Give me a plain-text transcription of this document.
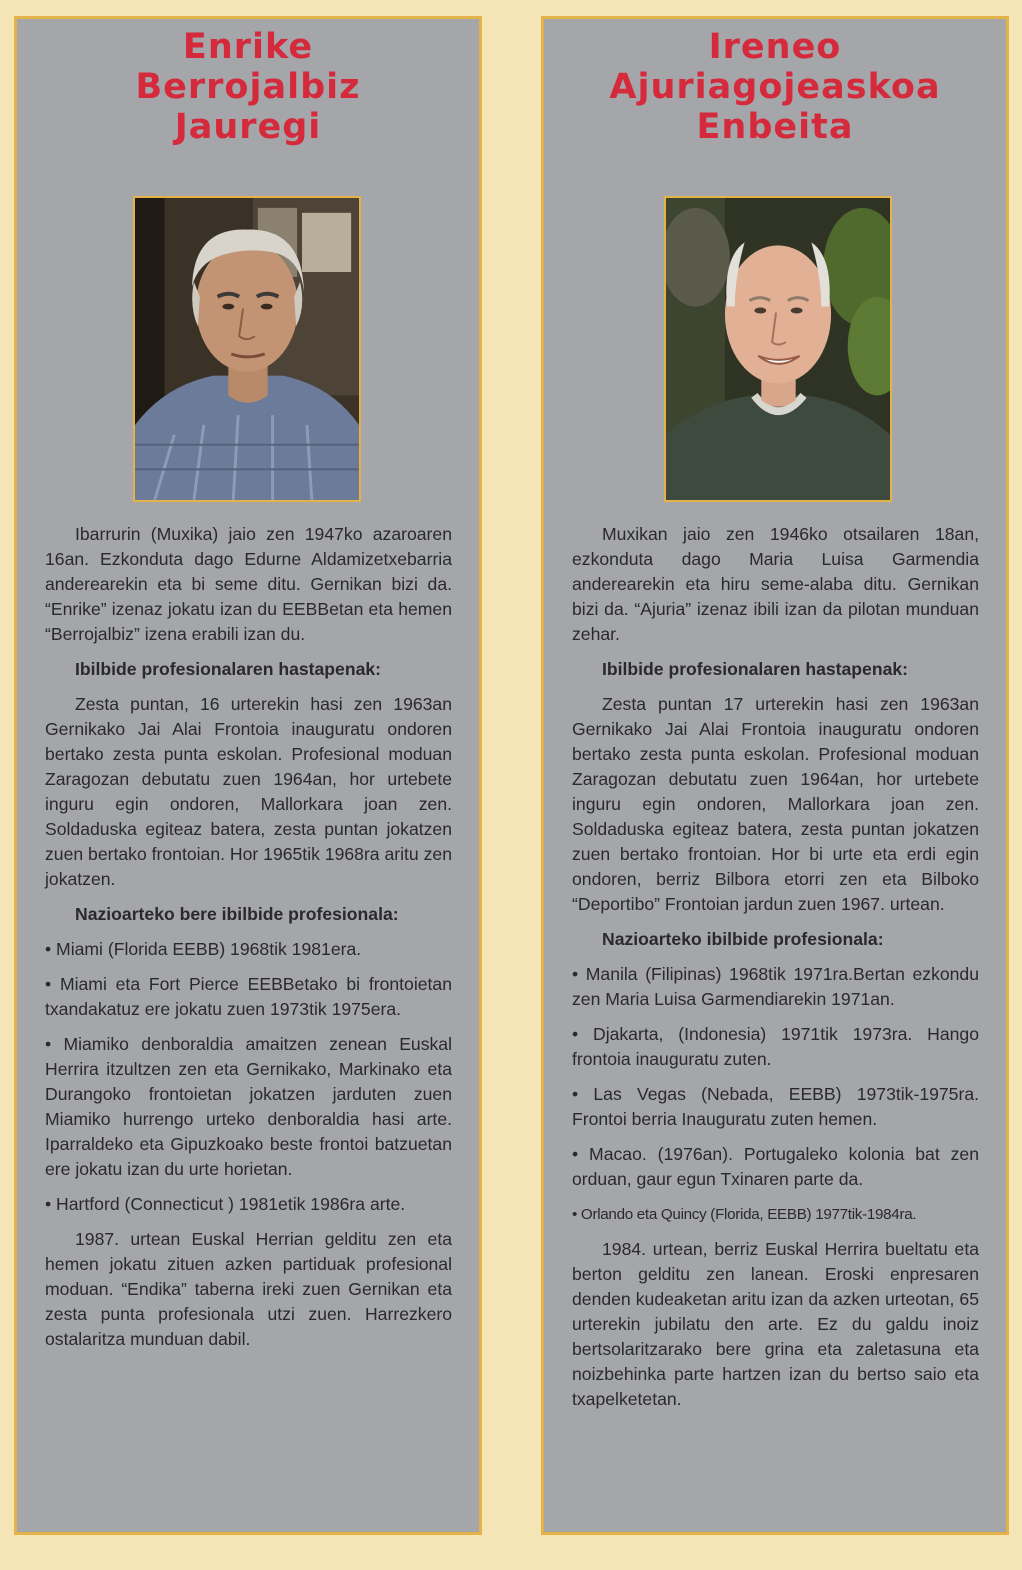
Enrike
Berrojalbiz
Jauregi

Ibarrurin (Muxika) jaio zen 1947ko azaroaren 16an. Ezkonduta dago Edurne Aldamizetxebarria anderearekin eta bi seme ditu. Gernikan bizi da. “Enrike” izenaz jokatu izan du EEBBetan eta hemen “Berrojalbiz” izena erabili izan du.

Ibilbide profesionalaren hastapenak:

Zesta puntan, 16 urterekin hasi zen 1963an Gernikako Jai Alai Frontoia inauguratu ondoren bertako zesta punta eskolan. Profesional moduan Zaragozan debutatu zuen 1964an, hor urtebete inguru egin ondoren, Mallorkara joan zen. Soldaduska egiteaz batera, zesta puntan jokatzen zuen bertako frontoian. Hor 1965tik 1968ra aritu zen jokatzen.

Nazioarteko bere ibilbide profesionala:

• Miami (Florida EEBB) 1968tik 1981era.

• Miami eta Fort Pierce EEBBetako bi frontoietan txandakatuz ere jokatu zuen 1973tik 1975era.

• Miamiko denboraldia amaitzen zenean Euskal Herrira itzultzen zen eta Gernikako, Markinako eta Durangoko frontoietan jokatzen jarduten zuen Miamiko hurrengo urteko denboraldia hasi arte. Iparraldeko eta Gipuzkoako beste frontoi batzuetan ere jokatu izan du urte horietan.

• Hartford (Connecticut ) 1981etik 1986ra arte.

1987. urtean Euskal Herrian gelditu zen eta hemen jokatu zituen azken partiduak profesional moduan. “Endika” taberna ireki zuen Gernikan eta zesta punta profesionala utzi zuen. Harrezkero ostalaritza munduan dabil.

Ireneo
Ajuriagojeaskoa
Enbeita

Muxikan jaio zen 1946ko otsailaren 18an, ezkonduta dago Maria Luisa Garmendia anderearekin eta hiru seme-alaba ditu. Gernikan bizi da. “Ajuria” izenaz ibili izan da pilotan munduan zehar.

Ibilbide profesionalaren hastapenak:

Zesta puntan 17 urterekin hasi zen 1963an Gernikako Jai Alai Frontoia inauguratu ondoren bertako zesta punta eskolan. Profesional moduan Zaragozan debutatu zuen 1964an, hor urtebete inguru egin ondoren, Mallorkara joan zen. Soldaduska egiteaz batera, zesta puntan jokatzen zuen bertako frontoian. Hor bi urte eta erdi egin ondoren, berriz Bilbora etorri zen eta Bilboko “Deportibo” Frontoian jardun zuen 1967. urtean.

Nazioarteko ibilbide profesionala:

• Manila (Filipinas) 1968tik 1971ra.Bertan ezkondu zen Maria Luisa Garmendiarekin 1971an.

• Djakarta, (Indonesia) 1971tik 1973ra. Hango frontoia inauguratu zuten.

• Las Vegas (Nebada, EEBB) 1973tik-1975ra. Frontoi berria Inauguratu zuten hemen.

• Macao. (1976an). Portugaleko kolonia bat zen orduan, gaur egun Txinaren parte da.

• Orlando eta Quincy (Florida, EEBB) 1977tik-1984ra.

1984. urtean, berriz Euskal Herrira bueltatu eta berton gelditu zen lanean. Eroski enpresaren denden kudeaketan aritu izan da azken urteotan, 65 urterekin jubilatu den arte. Ez du galdu inoiz bertsolaritzarako bere grina eta zaletasuna eta noizbehinka parte hartzen izan du bertso saio eta txapelketetan.
